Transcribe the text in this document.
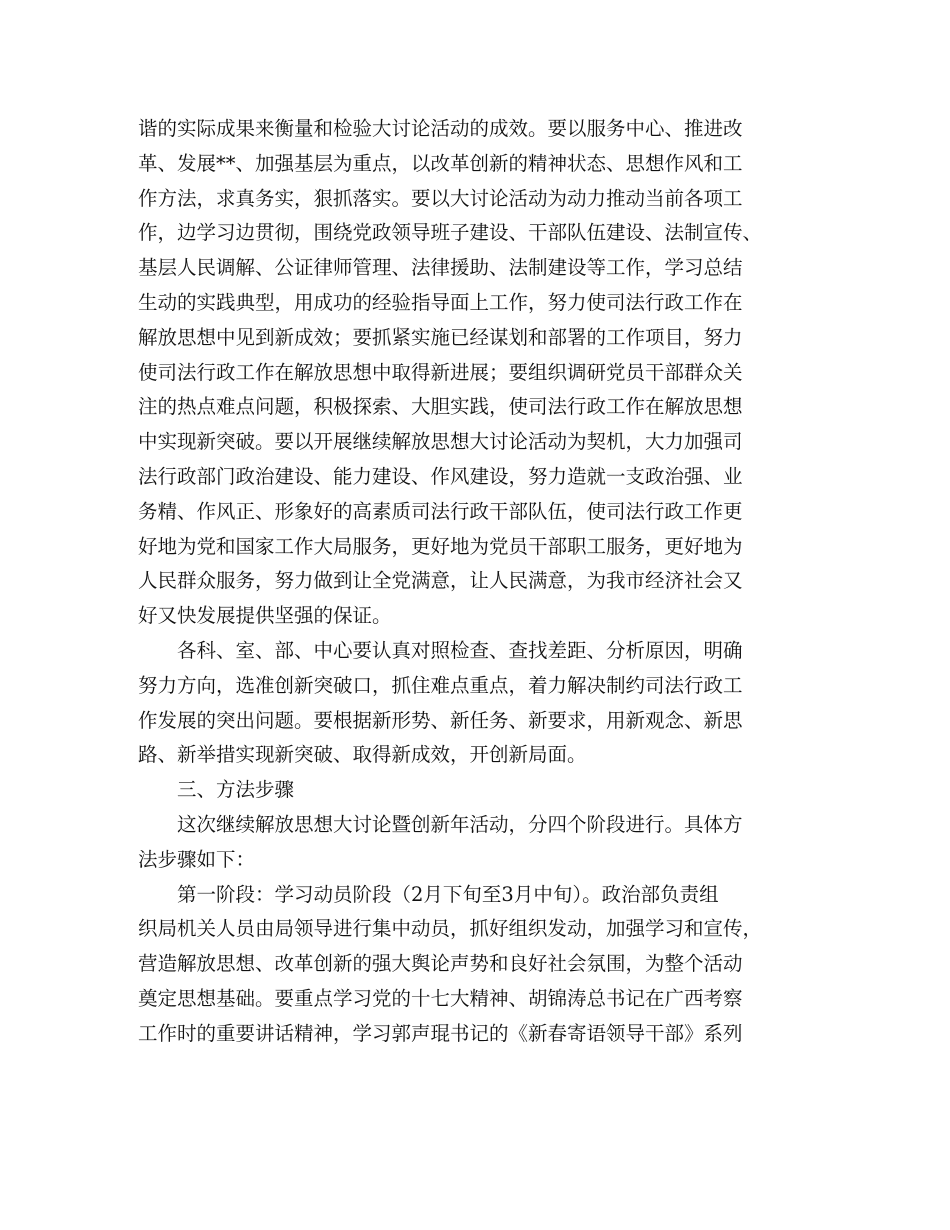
谐的实际成果来衡量和检验大讨论活动的成效。要以服务中心、推进改
革、发展**、加强基层为重点，以改革创新的精神状态、思想作风和工
作方法，求真务实，狠抓落实。要以大讨论活动为动力推动当前各项工
作，边学习边贯彻，围绕党政领导班子建设、干部队伍建设、法制宣传、
基层人民调解、公证律师管理、法律援助、法制建设等工作，学习总结
生动的实践典型，用成功的经验指导面上工作，努力使司法行政工作在
解放思想中见到新成效；要抓紧实施已经谋划和部署的工作项目，努力
使司法行政工作在解放思想中取得新进展；要组织调研党员干部群众关
注的热点难点问题，积极探索、大胆实践，使司法行政工作在解放思想
中实现新突破。要以开展继续解放思想大讨论活动为契机，大力加强司
法行政部门政治建设、能力建设、作风建设，努力造就一支政治强、业
务精、作风正、形象好的高素质司法行政干部队伍，使司法行政工作更
好地为党和国家工作大局服务，更好地为党员干部职工服务，更好地为
人民群众服务，努力做到让全党满意，让人民满意，为我市经济社会又
好又快发展提供坚强的保证。
各科、室、部、中心要认真对照检查、查找差距、分析原因，明确
努力方向，选准创新突破口，抓住难点重点，着力解决制约司法行政工
作发展的突出问题。要根据新形势、新任务、新要求，用新观念、新思
路、新举措实现新突破、取得新成效，开创新局面。
三、方法步骤
这次继续解放思想大讨论暨创新年活动，分四个阶段进行。具体方
法步骤如下：
第一阶段：学习动员阶段（2月下旬至3月中旬）。政治部负责组
织局机关人员由局领导进行集中动员，抓好组织发动，加强学习和宣传，
营造解放思想、改革创新的强大舆论声势和良好社会氛围，为整个活动
奠定思想基础。要重点学习党的十七大精神、胡锦涛总书记在广西考察
工作时的重要讲话精神，学习郭声琨书记的《新春寄语领导干部》系列
